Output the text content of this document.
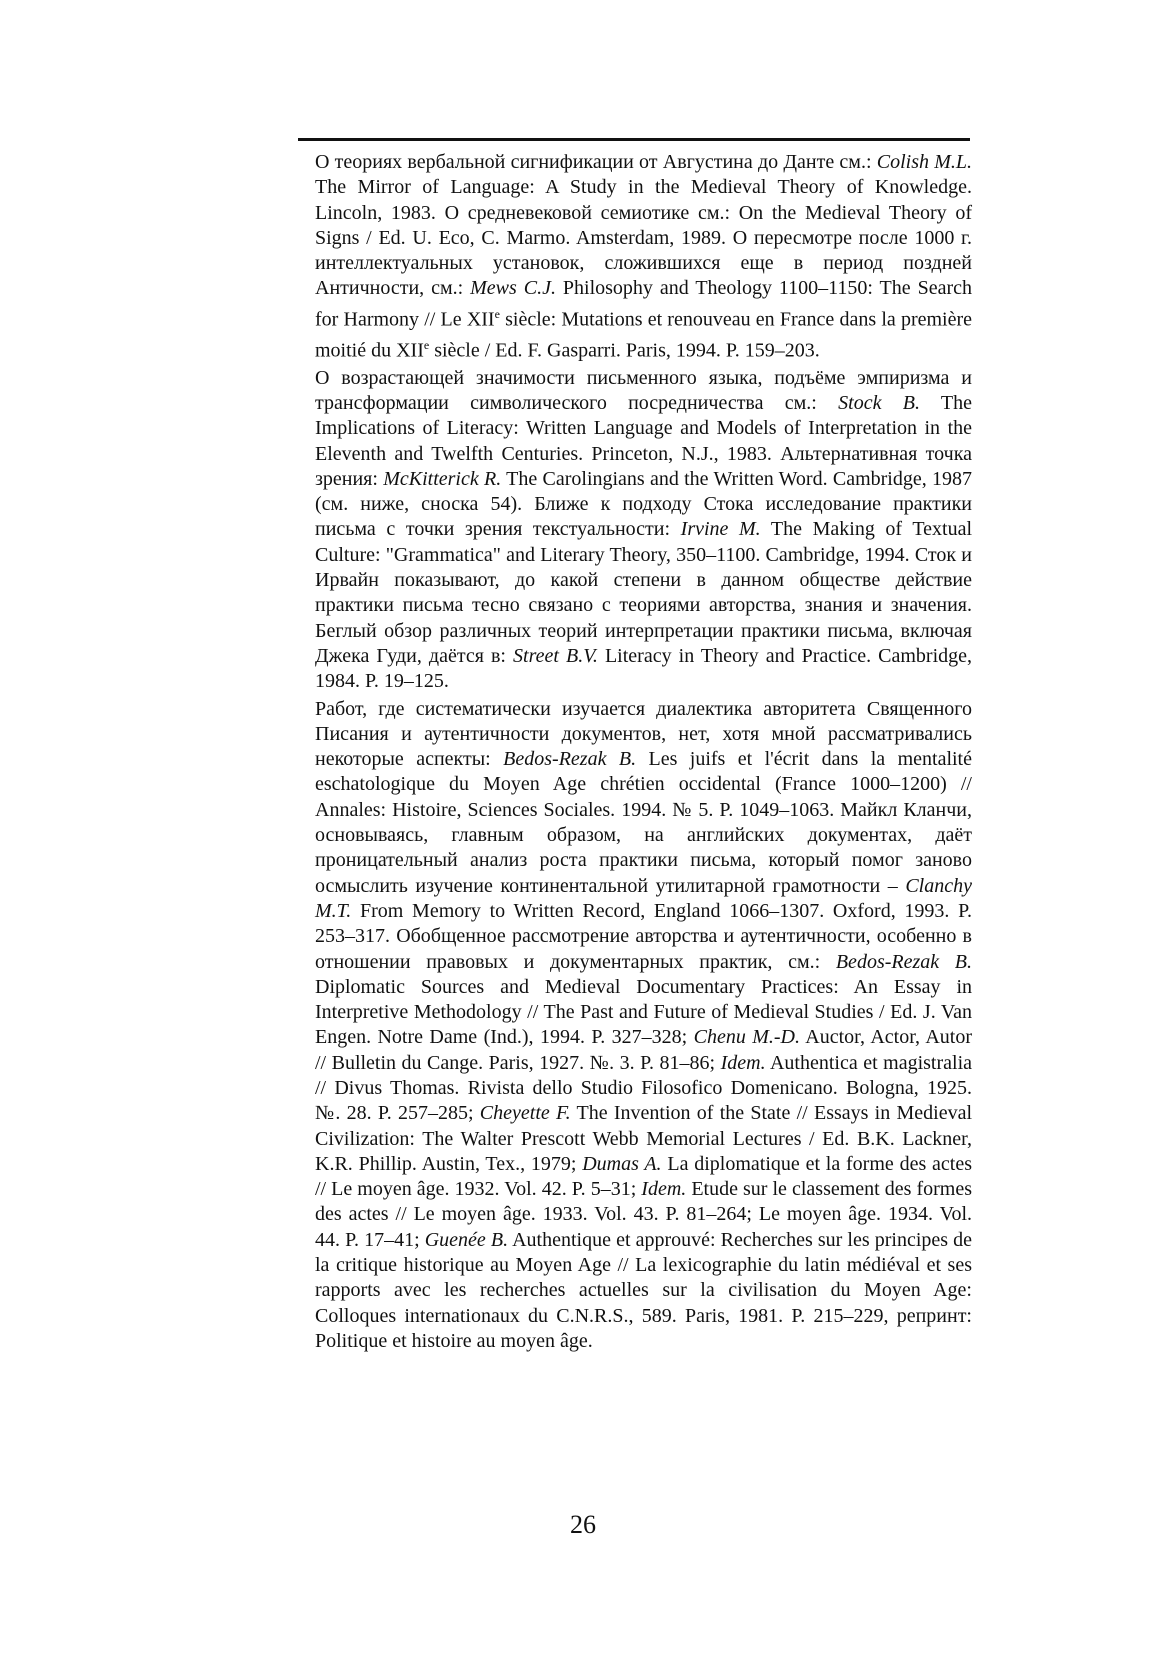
О теориях вербальной сигнификации от Августина до Данте см.: Colish M.L. The Mirror of Language: A Study in the Medieval Theory of Knowledge. Lincoln, 1983. О средневековой семиотике см.: On the Medieval Theory of Signs / Ed. U. Eco, C. Marmo. Amsterdam, 1989. О пересмотре после 1000 г. интеллектуальных установок, сложившихся еще в период поздней Античности, см.: Mews C.J. Philosophy and Theology 1100–1150: The Search for Harmony // Le XIIe siècle: Mutations et renouveau en France dans la première moitié du XIIe siècle / Ed. F. Gasparri. Paris, 1994. P. 159–203.

О возрастающей значимости письменного языка, подъёме эмпиризма и трансформации символического посредничества см.: Stock B. The Implications of Literacy: Written Language and Models of Interpretation in the Eleventh and Twelfth Centuries. Princeton, N.J., 1983. Альтернативная точка зрения: McKitterick R. The Carolingians and the Written Word. Cambridge, 1987 (см. ниже, сноска 54). Ближе к подходу Стока исследование практики письма с точки зрения текстуальности: Irvine M. The Making of Textual Culture: "Grammatica" and Literary Theory, 350–1100. Cambridge, 1994. Сток и Ирвайн показывают, до какой степени в данном обществе действие практики письма тесно связано с теориями авторства, знания и значения. Беглый обзор различных теорий интерпретации практики письма, включая Джека Гуди, даётся в: Street B.V. Literacy in Theory and Practice. Cambridge, 1984. P. 19–125.

Работ, где систематически изучается диалектика авторитета Священного Писания и аутентичности документов, нет, хотя мной рассматривались некоторые аспекты: Bedos-Rezak B. Les juifs et l'écrit dans la mentalité eschatologique du Moyen Age chrétien occidental (France 1000–1200) // Annales: Histoire, Sciences Sociales. 1994. № 5. P. 1049–1063. Майкл Кланчи, основываясь, главным образом, на английских документах, даёт проницательный анализ роста практики письма, который помог заново осмыслить изучение континентальной утилитарной грамотности – Clanchy M.T. From Memory to Written Record, England 1066–1307. Oxford, 1993. P. 253–317. Обобщенное рассмотрение авторства и аутентичности, особенно в отношении правовых и документарных практик, см.: Bedos-Rezak B. Diplomatic Sources and Medieval Documentary Practices: An Essay in Interpretive Methodology // The Past and Future of Medieval Studies / Ed. J. Van Engen. Notre Dame (Ind.), 1994. P. 327–328; Chenu M.-D. Auctor, Actor, Autor // Bulletin du Cange. Paris, 1927. №. 3. P. 81–86; Idem. Authentica et magistralia // Divus Thomas. Rivista dello Studio Filosofico Domenicano. Bologna, 1925. №. 28. P. 257–285; Cheyette F. The Invention of the State // Essays in Medieval Civilization: The Walter Prescott Webb Memorial Lectures / Ed. B.K. Lackner, K.R. Phillip. Austin, Tex., 1979; Dumas A. La diplomatique et la forme des actes // Le moyen âge. 1932. Vol. 42. P. 5–31; Idem. Etude sur le classement des formes des actes // Le moyen âge. 1933. Vol. 43. P. 81–264; Le moyen âge. 1934. Vol. 44. P. 17–41; Guenée B. Authentique et approuvé: Recherches sur les principes de la critique historique au Moyen Age // La lexicographie du latin médiéval et ses rapports avec les recherches actuelles sur la civilisation du Moyen Age: Colloques internationaux du C.N.R.S., 589. Paris, 1981. P. 215–229, репринт: Politique et histoire au moyen âge.

26
